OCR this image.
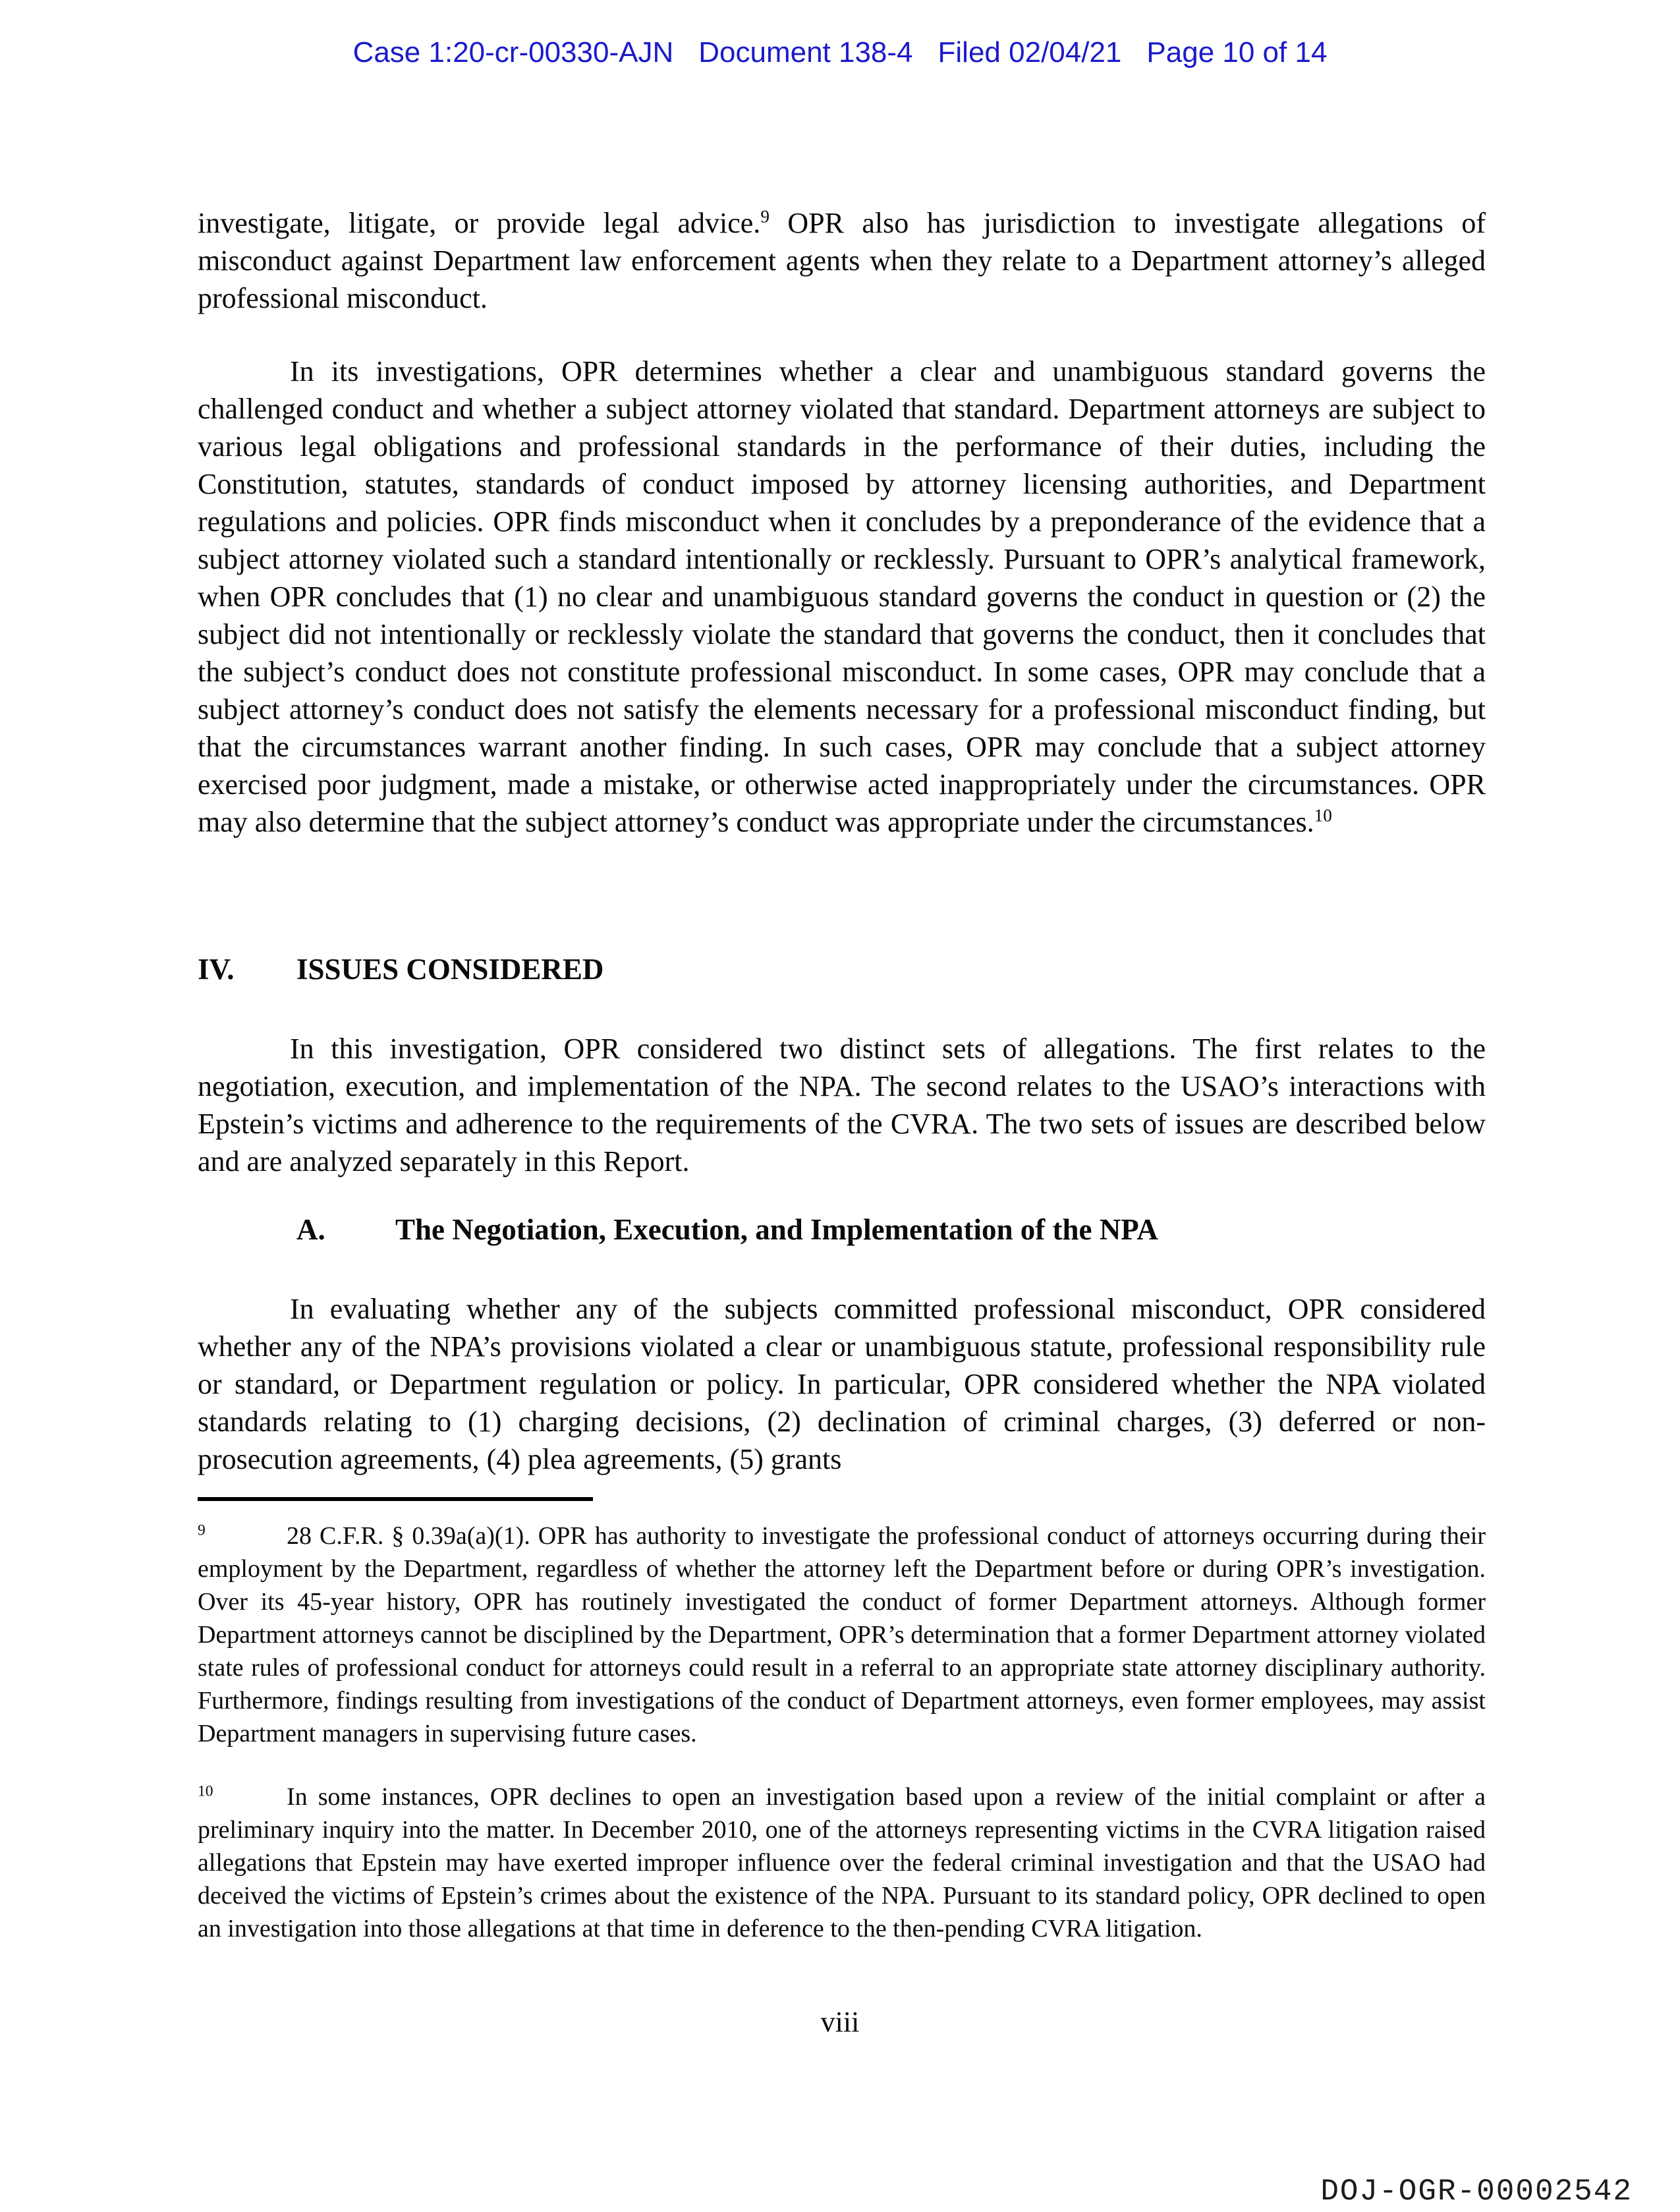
Case 1:20-cr-00330-AJN Document 138-4 Filed 02/04/21 Page 10 of 14

investigate, litigate, or provide legal advice.$^9$ OPR also has jurisdiction to investigate allegations of misconduct against Department law enforcement agents when they relate to a Department attorney’s alleged professional misconduct.

In its investigations, OPR determines whether a clear and unambiguous standard governs the challenged conduct and whether a subject attorney violated that standard. Department attorneys are subject to various legal obligations and professional standards in the performance of their duties, including the Constitution, statutes, standards of conduct imposed by attorney licensing authorities, and Department regulations and policies. OPR finds misconduct when it concludes by a preponderance of the evidence that a subject attorney violated such a standard intentionally or recklessly. Pursuant to OPR’s analytical framework, when OPR concludes that (1) no clear and unambiguous standard governs the conduct in question or (2) the subject did not intentionally or recklessly violate the standard that governs the conduct, then it concludes that the subject’s conduct does not constitute professional misconduct. In some cases, OPR may conclude that a subject attorney’s conduct does not satisfy the elements necessary for a professional misconduct finding, but that the circumstances warrant another finding. In such cases, OPR may conclude that a subject attorney exercised poor judgment, made a mistake, or otherwise acted inappropriately under the circumstances. OPR may also determine that the subject attorney’s conduct was appropriate under the circumstances.$^{10}$

IV. ISSUES CONSIDERED

In this investigation, OPR considered two distinct sets of allegations. The first relates to the negotiation, execution, and implementation of the NPA. The second relates to the USAO’s interactions with Epstein’s victims and adherence to the requirements of the CVRA. The two sets of issues are described below and are analyzed separately in this Report.

A. The Negotiation, Execution, and Implementation of the NPA

In evaluating whether any of the subjects committed professional misconduct, OPR considered whether any of the NPA’s provisions violated a clear or unambiguous statute, professional responsibility rule or standard, or Department regulation or policy. In particular, OPR considered whether the NPA violated standards relating to (1) charging decisions, (2) declination of criminal charges, (3) deferred or non-prosecution agreements, (4) plea agreements, (5) grants

$^9$	28 C.F.R. § 0.39a(a)(1). OPR has authority to investigate the professional conduct of attorneys occurring during their employment by the Department, regardless of whether the attorney left the Department before or during OPR’s investigation. Over its 45-year history, OPR has routinely investigated the conduct of former Department attorneys. Although former Department attorneys cannot be disciplined by the Department, OPR’s determination that a former Department attorney violated state rules of professional conduct for attorneys could result in a referral to an appropriate state attorney disciplinary authority. Furthermore, findings resulting from investigations of the conduct of Department attorneys, even former employees, may assist Department managers in supervising future cases.

$^{10}$	In some instances, OPR declines to open an investigation based upon a review of the initial complaint or after a preliminary inquiry into the matter. In December 2010, one of the attorneys representing victims in the CVRA litigation raised allegations that Epstein may have exerted improper influence over the federal criminal investigation and that the USAO had deceived the victims of Epstein’s crimes about the existence of the NPA. Pursuant to its standard policy, OPR declined to open an investigation into those allegations at that time in deference to the then-pending CVRA litigation.

viii
DOJ-OGR-00002542
